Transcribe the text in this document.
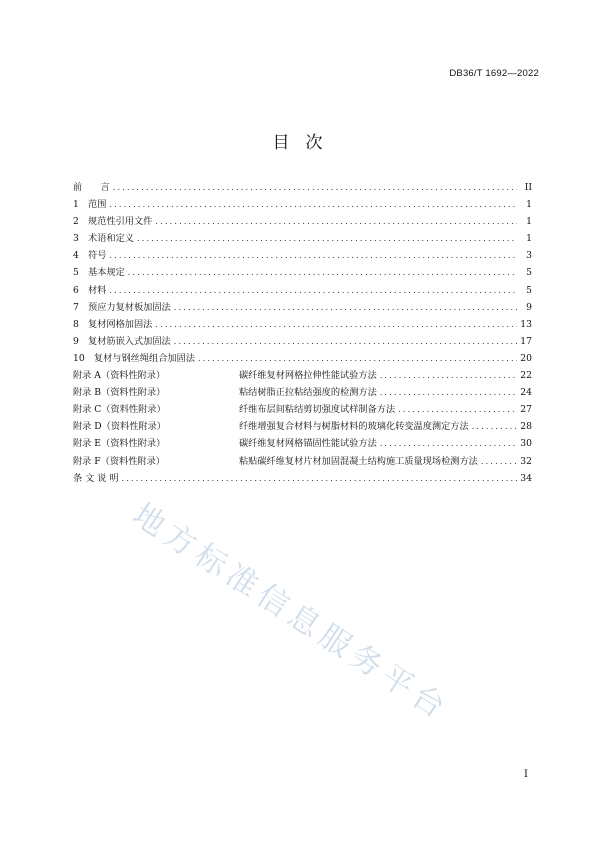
DB36/T 1692—2022
目次
前　　言 .....	II
1　范围 .....	1
2　规范性引用文件 .....	1
3　术语和定义 .....	1
4　符号 .....	3
5　基本规定 .....	5
6　材料 .....	5
7　预应力复材板加固法 .....	9
8　复材网格加固法 .....	13
9　复材筋嵌入式加固法 .....	17
10　复材与钢丝绳组合加固法 .....	20
附录 A（资料性附录）	碳纤维复材网格拉伸性能试验方法 .....	22
附录 B（资料性附录）	粘结树脂正拉粘结强度的检测方法 .....	24
附录 C（资料性附录）	纤维布层间粘结剪切强度试样制备方法 .....	27
附录 D（资料性附录）	纤维增强复合材料与树脂材料的玻璃化转变温度测定方法 .....	28
附录 E（资料性附录）	碳纤维复材网格锚固性能试验方法 .....	30
附录 F（资料性附录）	粘贴碳纤维复材片材加固混凝土结构施工质量现场检测方法 .....	32
条 文 说 明 .....	34
地方标准信息服务平台
I
